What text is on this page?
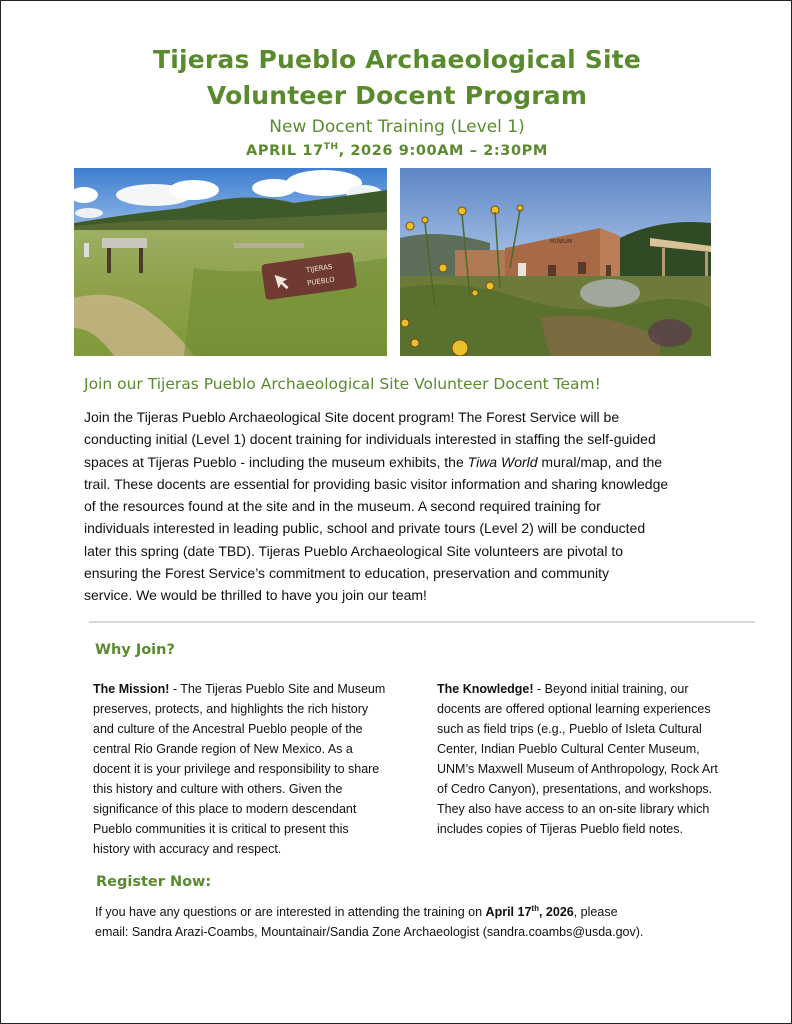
Tijeras Pueblo Archaeological Site
Volunteer Docent Program
New Docent Training (Level 1)
APRIL 17TH, 2026 9:00AM – 2:30PM
TIJERAS
PUEBLO
MUSEUM
Join our Tijeras Pueblo Archaeological Site Volunteer Docent Team!
Join the Tijeras Pueblo Archaeological Site docent program! The Forest Service will be
conducting initial (Level 1) docent training for individuals interested in staffing the self-guided
spaces at Tijeras Pueblo - including the museum exhibits, the Tiwa World mural/map, and the
trail. These docents are essential for providing basic visitor information and sharing knowledge
of the resources found at the site and in the museum. A second required training for
individuals interested in leading public, school and private tours (Level 2) will be conducted
later this spring (date TBD). Tijeras Pueblo Archaeological Site volunteers are pivotal to
ensuring the Forest Service’s commitment to education, preservation and community
service. We would be thrilled to have you join our team!
Why Join?
The Mission! - The Tijeras Pueblo Site and Museum
preserves, protects, and highlights the rich history
and culture of the Ancestral Pueblo people of the
central Rio Grande region of New Mexico. As a
docent it is your privilege and responsibility to share
this history and culture with others. Given the
significance of this place to modern descendant
Pueblo communities it is critical to present this
history with accuracy and respect.
The Knowledge! - Beyond initial training, our
docents are offered optional learning experiences
such as field trips (e.g., Pueblo of Isleta Cultural
Center, Indian Pueblo Cultural Center Museum,
UNM’s Maxwell Museum of Anthropology, Rock Art
of Cedro Canyon), presentations, and workshops.
They also have access to an on-site library which
includes copies of Tijeras Pueblo field notes.
Register Now:
If you have any questions or are interested in attending the training on April 17th, 2026, please
email: Sandra Arazi-Coambs, Mountainair/Sandia Zone Archaeologist (sandra.coambs@usda.gov).
